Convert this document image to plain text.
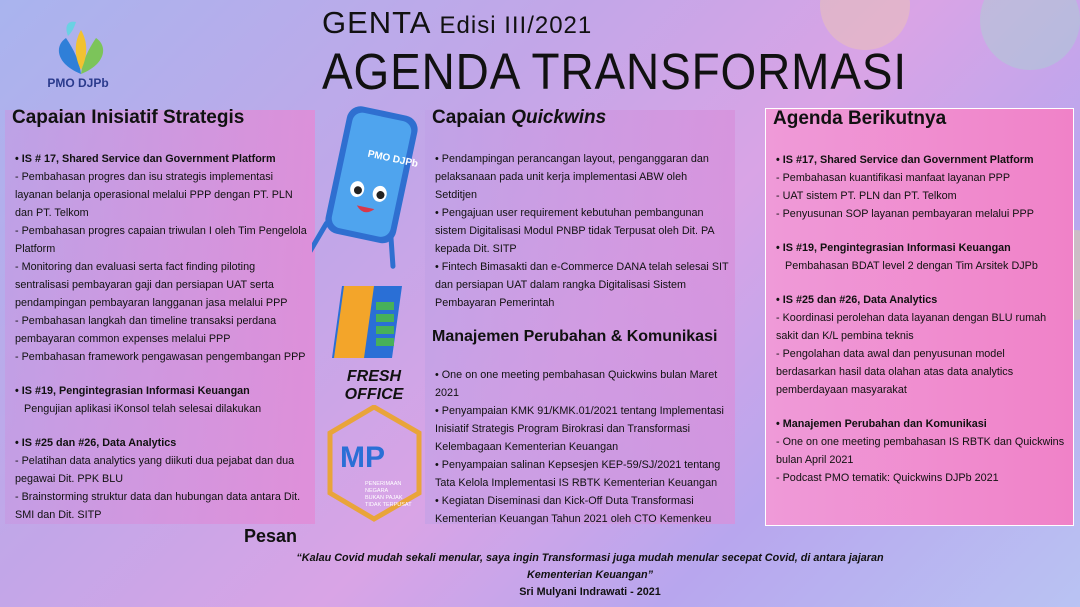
PMO DJPb
GENTA Edisi III/2021
AGENDA TRANSFORMASI
Capaian Inisiatif Strategis

• IS # 17, Shared Service dan Government Platform

- Pembahasan progres dan isu strategis implementasi layanan belanja operasional melalui PPP dengan PT. PLN dan PT. Telkom

- Pembahasan progres capaian triwulan I oleh Tim Pengelola Platform

- Monitoring dan evaluasi serta fact finding piloting sentralisasi pembayaran gaji dan persiapan UAT serta pendampingan pembayaran langganan jasa melalui PPP

- Pembahasan langkah dan timeline transaksi perdana pembayaran common expenses melalui PPP

- Pembahasan framework pengawasan pengembangan PPP

• IS #19, Pengintegrasian Informasi Keuangan

Pengujian aplikasi iKonsol telah selesai dilakukan

• IS #25 dan #26, Data Analytics

- Pelatihan data analytics yang diikuti dua pejabat dan dua pegawai Dit. PPK BLU

- Brainstorming struktur data dan hubungan data antara Dit. SMI dan Dit. SITP

PMO DJPb
FRESH OFFICE
MP
PENERIMAAN
NEGARA
BUKAN PAJAK
TIDAK TERPUSAT
Capaian Quickwins

• Pendampingan perancangan layout, penganggaran dan pelaksanaan pada unit kerja implementasi ABW oleh Setditjen

• Pengajuan user requirement kebutuhan pembangunan sistem Digitalisasi Modul PNBP tidak Terpusat oleh Dit. PA kepada Dit. SITP

• Fintech Bimasakti dan e-Commerce DANA telah selesai SIT dan persiapan UAT dalam rangka Digitalisasi Sistem Pembayaran Pemerintah

Manajemen Perubahan & Komunikasi

• One on one meeting pembahasan Quickwins bulan Maret 2021

• Penyampaian KMK 91/KMK.01/2021 tentang Implementasi Inisiatif Strategis Program Birokrasi dan Transformasi Kelembagaan Kementerian Keuangan

• Penyampaian salinan Kepsesjen KEP-59/SJ/2021 tentang Tata Kelola Implementasi IS RBTK Kementerian Keuangan

• Kegiatan Diseminasi dan Kick-Off Duta Transformasi Kementerian Keuangan Tahun 2021 oleh CTO Kemenkeu

Agenda Berikutnya

• IS #17, Shared Service dan Government Platform

- Pembahasan kuantifikasi manfaat layanan PPP

- UAT sistem PT. PLN dan PT. Telkom

- Penyusunan SOP layanan pembayaran melalui PPP

• IS #19, Pengintegrasian Informasi Keuangan

Pembahasan BDAT level 2 dengan Tim Arsitek DJPb

• IS #25 dan #26, Data Analytics

- Koordinasi perolehan data layanan dengan BLU rumah sakit dan K/L pembina teknis

- Pengolahan data awal dan penyusunan model berdasarkan hasil data olahan atas data analytics pemberdayaan masyarakat

• Manajemen Perubahan dan Komunikasi

- One on one meeting pembahasan IS RBTK dan Quickwins bulan April 2021

- Podcast PMO tematik: Quickwins DJPb 2021

Pesan
“Kalau Covid mudah sekali menular, saya ingin Transformasi juga mudah menular secepat Covid, di antara jajaran
Kementerian Keuangan”
Sri Mulyani Indrawati - 2021
